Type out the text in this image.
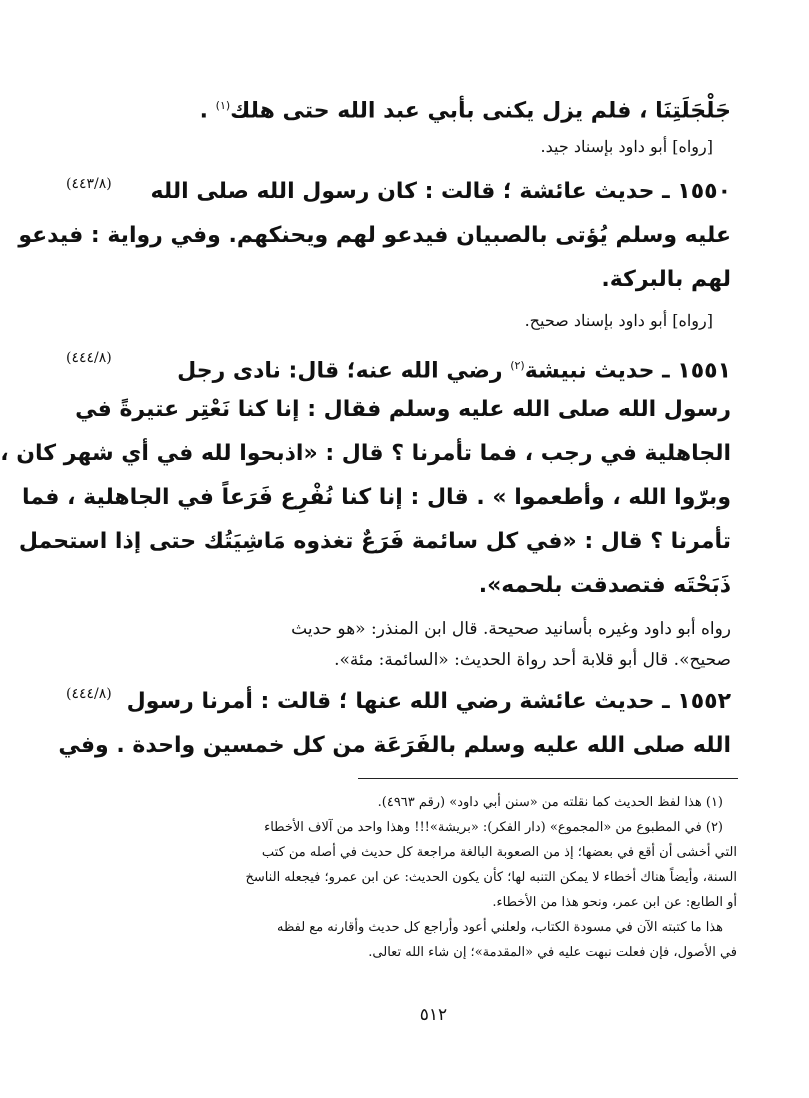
جَلْجَلَتِنَا ، فلم يزل يكنى بأبي عبد الله حتى هلك$^{(١)}$ .
[رواه] أبو داود بإسناد جيد.
(٤٤٣/٨)	١٥٥٠ ـ حديث عائشة ؛ قالت : كان رسول الله صلى الله
عليه وسلم يُؤتى بالصبيان فيدعو لهم ويحنكهم. وفي رواية : فيدعو
لهم بالبركة.
[رواه] أبو داود بإسناد صحيح.
(٤٤٤/٨)
١٥٥١ ـ حديث نبيشة$^{(٢)}$ رضي الله عنه؛ قال: نادى رجل
رسول الله صلى الله عليه وسلم فقال : إنا كنا نَعْتِر عتيرةً في
الجاهلية في رجب ، فما تأمرنا ؟ قال : «اذبحوا لله في أي شهر كان ،
وبرّوا الله ، وأطعموا » . قال : إنا كنا نُفْرِع فَرَعاً في الجاهلية ، فما
تأمرنا ؟ قال : «في كل سائمة فَرَعٌ تغذوه مَاشِيَتُك حتى إذا استحمل
ذَبَحْتَه فتصدقت بلحمه».
رواه أبو داود وغيره بأسانيد صحيحة. قال ابن المنذر: «هو حديث
صحيح». قال أبو قلابة أحد رواة الحديث: «السائمة: مئة».
(٤٤٤/٨) ١٥٥٢ ـ حديث عائشة رضي الله عنها ؛ قالت : أمرنا رسول
الله صلى الله عليه وسلم بالفَرَعَة من كل خمسين واحدة . وفي
(١) هذا لفظ الحديث كما نقلته من «سنن أبي داود» (رقم ٤٩٦٣).
(٢) في المطبوع من «المجموع» (دار الفكر): «بريشة»!!! وهذا واحد من آلاف الأخطاء
التي أخشى أن أقع في بعضها؛ إذ من الصعوبة البالغة مراجعة كل حديث في أصله من كتب
السنة، وأيضاً هناك أخطاء لا يمكن التنبه لها؛ كأن يكون الحديث: عن ابن عمرو؛ فيجعله الناسخ
أو الطابع: عن ابن عمر، ونحو هذا من الأخطاء.
هذا ما كتبته الآن في مسودة الكتاب، ولعلني أعود وأراجع كل حديث وأقارنه مع لفظه
في الأصول، فإن فعلت نبهت عليه في «المقدمة»؛ إن شاء الله تعالى.
٥١٢
